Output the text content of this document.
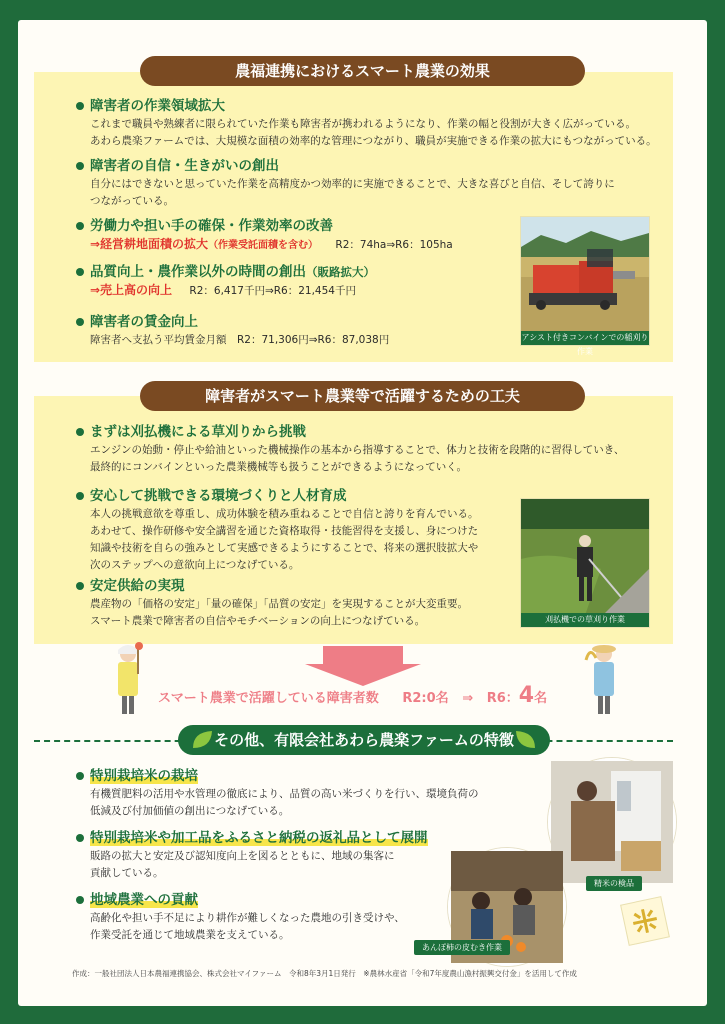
農福連携におけるスマート農業の効果
障害者の作業領域拡大
これまで職員や熟練者に限られていた作業も障害者が携われるようになり、作業の幅と役割が大きく広がっている。
あわら農楽ファームでは、大規模な面積の効率的な管理につながり、職員が実施できる作業の拡大にもつながっている。
障害者の自信・生きがいの創出
自分にはできないと思っていた作業を高精度かつ効率的に実施できることで、大きな喜びと自信、そして誇りに
つながっている。
労働力や担い手の確保・作業効率の改善
⇒経営耕地面積の拡大（作業受託面積を含む） R2：74ha⇒R6：105ha
品質向上・農作業以外の時間の創出（販路拡大）
⇒売上高の向上 R2：6,417千円⇒R6：21,454千円
障害者の賃金向上
障害者へ支払う平均賃金月額　R2：71,306円⇒R6：87,038円	アシスト付きコンバインでの稲刈り作業
障害者がスマート農業等で活躍するための工夫
まずは刈払機による草刈りから挑戦
エンジンの始動・停止や給油といった機械操作の基本から指導することで、体力と技術を段階的に習得していき、
最終的にコンバインといった農業機械等も扱うことができるようになっていく。
安心して挑戦できる環境づくりと人材育成
本人の挑戦意欲を尊重し、成功体験を積み重ねることで自信と誇りを育んでいる。
あわせて、操作研修や安全講習を通じた資格取得・技能習得を支援し、身につけた
知識や技術を自らの強みとして実感できるようにすることで、将来の選択肢拡大や
次のステップへの意欲向上につなげている。
安定供給の実現
農産物の「価格の安定」「量の確保」「品質の安定」を実現することが大変重要。
スマート農業で障害者の自信やモチベーションの向上につなげている。	刈払機での草刈り作業
スマート農業で活躍している障害者数 R2:0名 ⇒ R6：4名
その他、有限会社あわら農楽ファームの特徴
特別栽培米の栽培
有機質肥料の活用や水管理の徹底により、品質の高い米づくりを行い、環境負荷の
低減及び付加価値の創出につなげている。
特別栽培米や加工品をふるさと納税の返礼品として展開
販路の拡大と安定及び認知度向上を図るとともに、地域の集客に
貢献している。
地域農業への貢献
高齢化や担い手不足により耕作が難しくなった農地の引き受けや、
作業受託を通じて地域農業を支えている。
精米の検品
あんぽ柿の皮むき作業
作成：一般社団法人日本農福連携協会、株式会社マイファーム　令和8年3月1日発行　※農林水産省「令和7年度農山漁村振興交付金」を活用して作成
